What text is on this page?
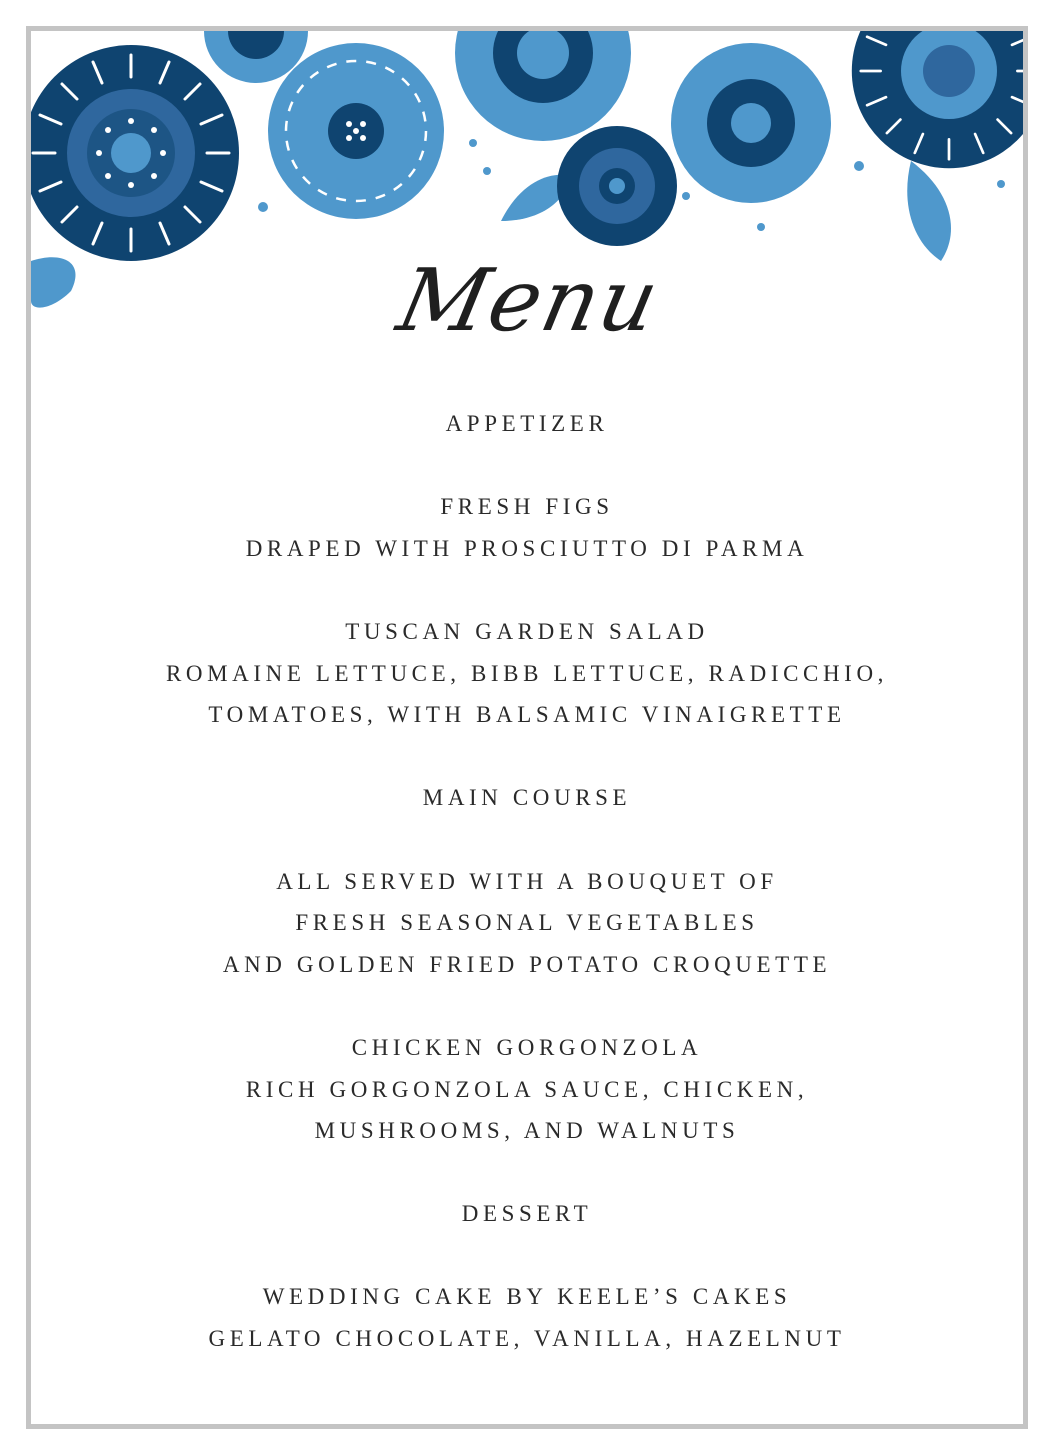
Menu
APPETIZER
FRESH FIGS
DRAPED WITH PROSCIUTTO DI PARMA
TUSCAN GARDEN SALAD
ROMAINE LETTUCE, BIBB LETTUCE, RADICCHIO,
TOMATOES, WITH BALSAMIC VINAIGRETTE
MAIN COURSE
ALL SERVED WITH A BOUQUET OF
FRESH SEASONAL VEGETABLES
AND GOLDEN FRIED POTATO CROQUETTE
CHICKEN GORGONZOLA
RICH GORGONZOLA SAUCE, CHICKEN,
MUSHROOMS, AND WALNUTS
DESSERT
WEDDING CAKE BY KEELE’S CAKES
GELATO CHOCOLATE, VANILLA, HAZELNUT
